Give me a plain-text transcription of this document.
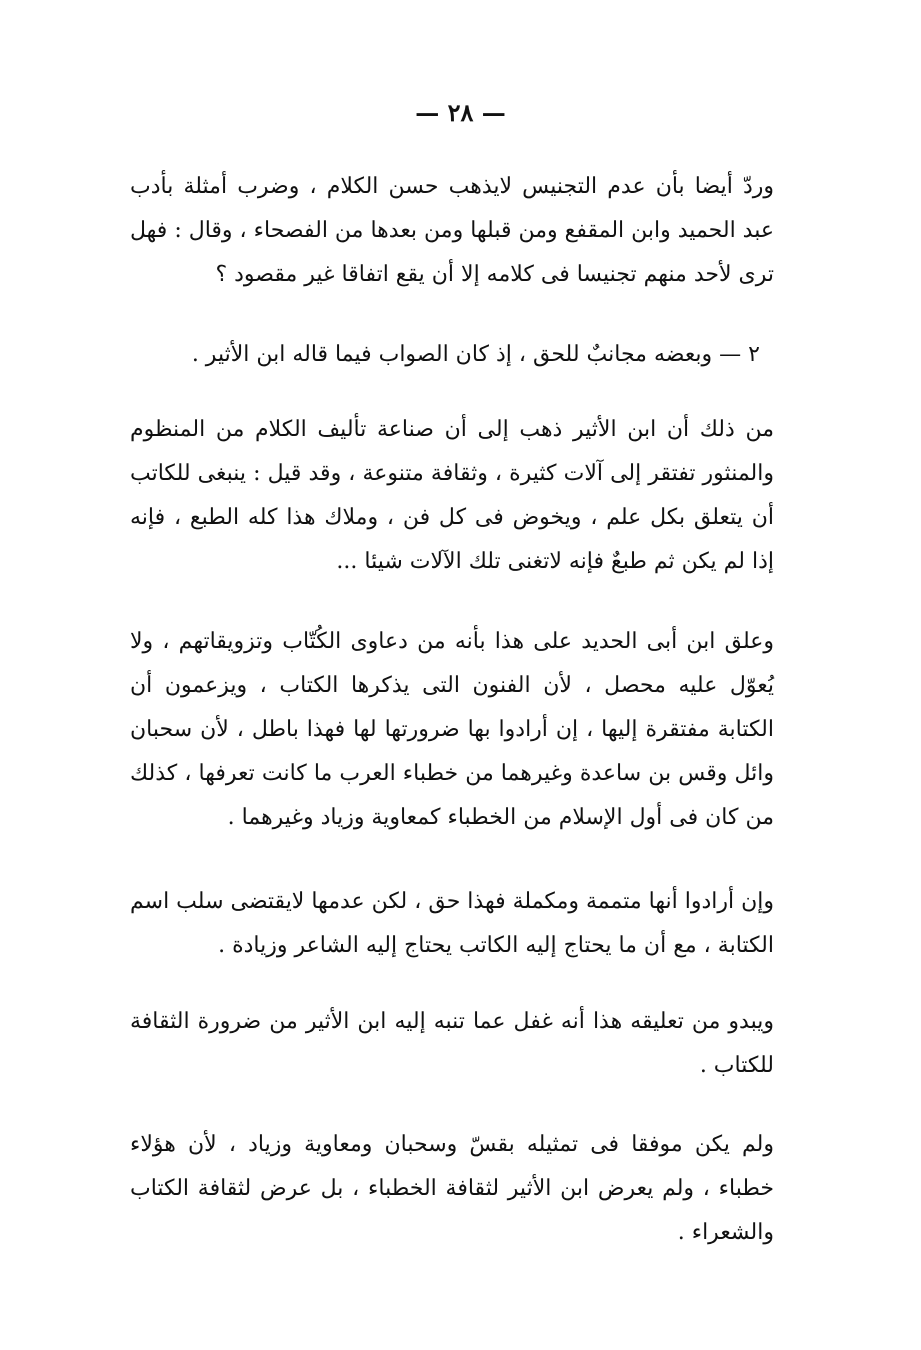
— ٢٨ —

وردّ أيضا بأن عدم التجنيس لايذهب حسن الكلام ، وضرب أمثلة بأدب عبد الحميد وابن المقفع ومن قبلها ومن بعدها من الفصحاء ، وقال : فهل ترى لأحد منهم تجنيسا فى كلامه إلا أن يقع اتفاقا غير مقصود ؟

٢ — وبعضه مجانبٌ للحق ، إذ كان الصواب فيما قاله ابن الأثير .

من ذلك أن ابن الأثير ذهب إلى أن صناعة تأليف الكلام من المنظوم والمنثور تفتقر إلى آلات كثيرة ، وثقافة متنوعة ، وقد قيل : ينبغى للكاتب أن يتعلق بكل علم ، ويخوض فى كل فن ، وملاك هذا كله الطبع ، فإنه إذا لم يكن ثم طبعٌ فإنه لاتغنى تلك الآلات شيئا ...

وعلق ابن أبى الحديد على هذا بأنه من دعاوى الكُتّاب وتزويقاتهم ، ولا يُعوّل عليه محصل ، لأن الفنون التى يذكرها الكتاب ، ويزعمون أن الكتابة مفتقرة إليها ، إن أرادوا بها ضرورتها لها فهذا باطل ، لأن سحبان وائل وقس بن ساعدة وغيرهما من خطباء العرب ما كانت تعرفها ، كذلك من كان فى أول الإسلام من الخطباء كمعاوية وزياد وغيرهما .

وإن أرادوا أنها متممة ومكملة فهذا حق ، لكن عدمها لايقتضى سلب اسم الكتابة ، مع أن ما يحتاج إليه الكاتب يحتاج إليه الشاعر وزيادة .

ويبدو من تعليقه هذا أنه غفل عما تنبه إليه ابن الأثير من ضرورة الثقافة للكتاب .

ولم يكن موفقا فى تمثيله بقسّ وسحبان ومعاوية وزياد ، لأن هؤلاء خطباء ، ولم يعرض ابن الأثير لثقافة الخطباء ، بل عرض لثقافة الكتاب والشعراء .
